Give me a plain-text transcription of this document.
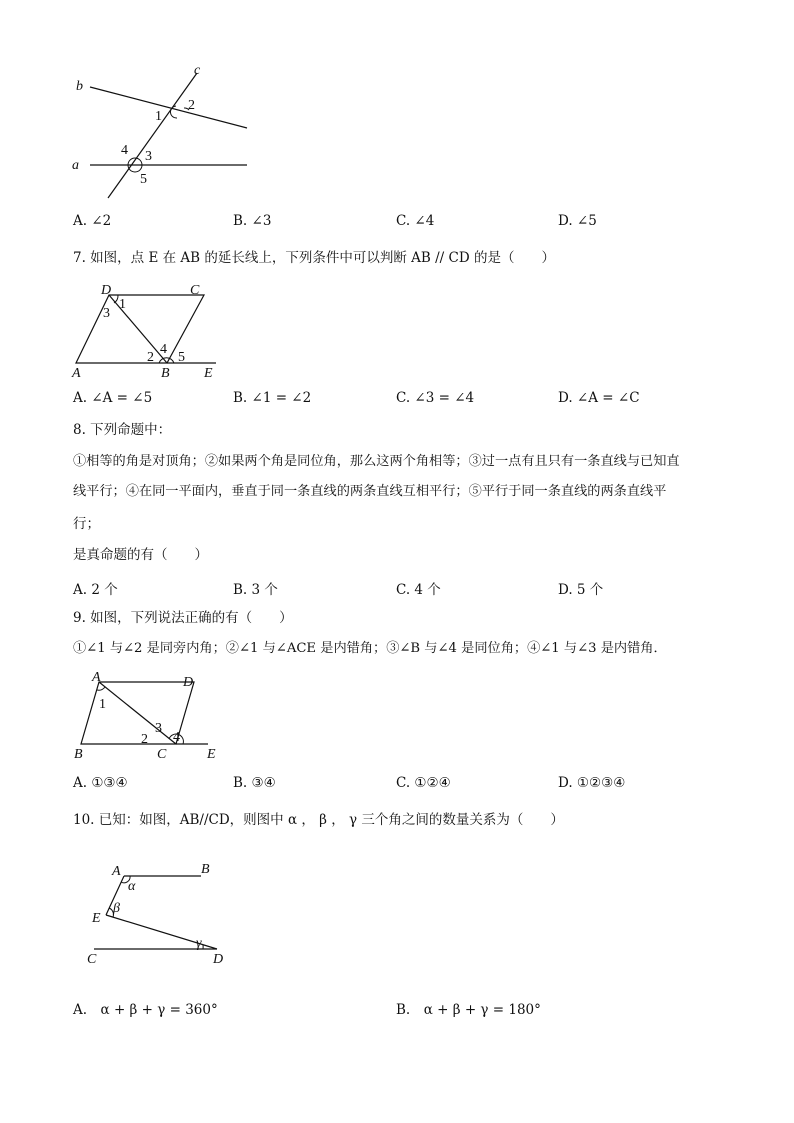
b
c
a
1
2
4 3
5
A. ∠2	B. ∠3	C. ∠4	D. ∠5
7. 如图，点 E 在 AB 的延长线上，下列条件中可以判断 AB // CD 的是（　　）
D	C
A	B E
1
3
2
4
5
A. ∠A = ∠5	B. ∠1 = ∠2	C. ∠3 = ∠4	D. ∠A = ∠C
8. 下列命题中：
①相等的角是对顶角；②如果两个角是同位角，那么这两个角相等；③过一点有且只有一条直线与已知直
线平行；④在同一平面内，垂直于同一条直线的两条直线互相平行；⑤平行于同一条直线的两条直线平
行；
是真命题的有（　　）
A. 2 个	B. 3 个	C. 4 个	D. 5 个
9. 如图，下列说法正确的有（　　）
①∠1 与∠2 是同旁内角；②∠1 与∠ACE 是内错角；③∠B 与∠4 是同位角；④∠1 与∠3 是内错角．
A	D
B	C	E
1
2
3
4
A. ①③④	B. ③④	C. ①②④	D. ①②③④
10. 已知：如图，AB//CD，则图中 α ， β ， γ 三个角之间的数量关系为（　　）
A	B
E
C	D
α
β
γ
A.　α + β + γ = 360°	B.　α + β + γ = 180°
